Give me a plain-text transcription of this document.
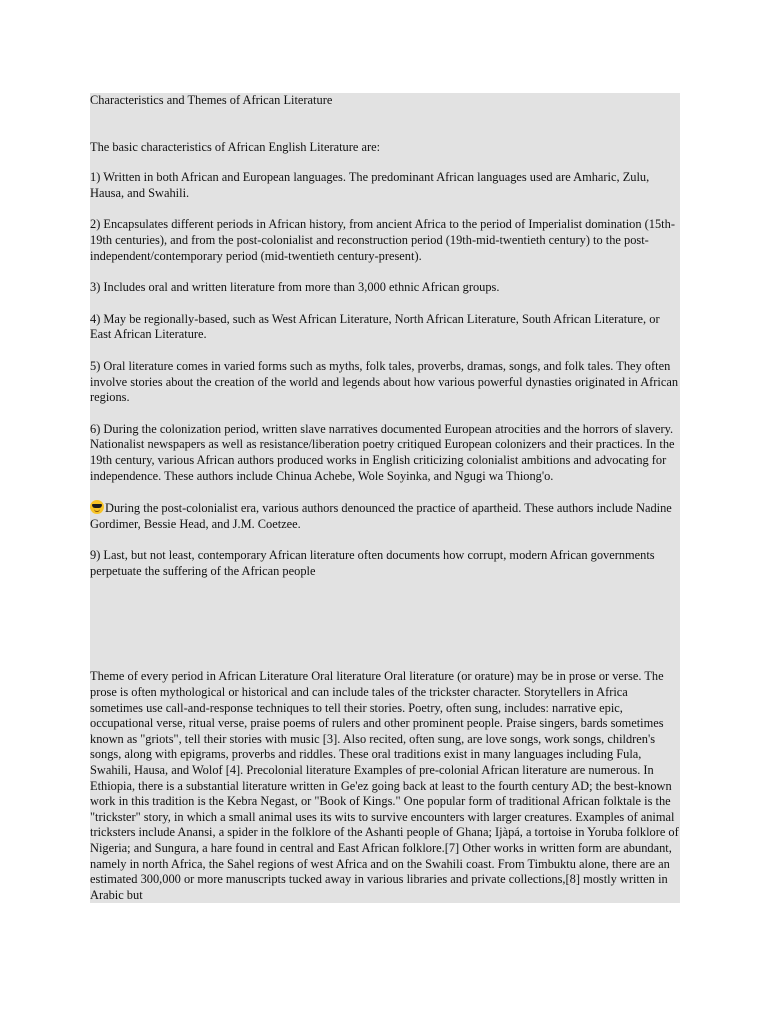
Characteristics and Themes of African Literature

The basic characteristics of African English Literature are:

1) Written in both African and European languages. The predominant African languages used are Amharic, Zulu, Hausa, and Swahili.

2) Encapsulates different periods in African history, from ancient Africa to the period of Imperialist domination (15th-19th centuries), and from the post-colonialist and reconstruction period (19th-mid-twentieth century) to the post-independent/contemporary period (mid-twentieth century-present).

3) Includes oral and written literature from more than 3,000 ethnic African groups.

4) May be regionally-based, such as West African Literature, North African Literature, South African Literature, or East African Literature.

5) Oral literature comes in varied forms such as myths, folk tales, proverbs, dramas, songs, and folk tales. They often involve stories about the creation of the world and legends about how various powerful dynasties originated in African regions.

6) During the colonization period, written slave narratives documented European atrocities and the horrors of slavery. Nationalist newspapers as well as resistance/liberation poetry critiqued European colonizers and their practices. In the 19th century, various African authors produced works in English criticizing colonialist ambitions and advocating for independence. These authors include Chinua Achebe, Wole Soyinka, and Ngugi wa Thiong'o.

During the post-colonialist era, various authors denounced the practice of apartheid. These authors include Nadine Gordimer, Bessie Head, and J.M. Coetzee.

9) Last, but not least, contemporary African literature often documents how corrupt, modern African governments perpetuate the suffering of the African people

Theme of every period in African Literature Oral literature Oral literature (or orature) may be in prose or verse. The prose is often mythological or historical and can include tales of the trickster character. Storytellers in Africa sometimes use call-and-response techniques to tell their stories. Poetry, often sung, includes: narrative epic, occupational verse, ritual verse, praise poems of rulers and other prominent people. Praise singers, bards sometimes known as "griots", tell their stories with music [3]. Also recited, often sung, are love songs, work songs, children's songs, along with epigrams, proverbs and riddles. These oral traditions exist in many languages including Fula, Swahili, Hausa, and Wolof [4]. Precolonial literature Examples of pre-colonial African literature are numerous. In Ethiopia, there is a substantial literature written in Ge'ez going back at least to the fourth century AD; the best-known work in this tradition is the Kebra Negast, or "Book of Kings." One popular form of traditional African folktale is the "trickster" story, in which a small animal uses its wits to survive encounters with larger creatures. Examples of animal tricksters include Anansi, a spider in the folklore of the Ashanti people of Ghana; Ijàpá, a tortoise in Yoruba folklore of Nigeria; and Sungura, a hare found in central and East African folklore.[7] Other works in written form are abundant, namely in north Africa, the Sahel regions of west Africa and on the Swahili coast. From Timbuktu alone, there are an estimated 300,000 or more manuscripts tucked away in various libraries and private collections,[8] mostly written in Arabic but
